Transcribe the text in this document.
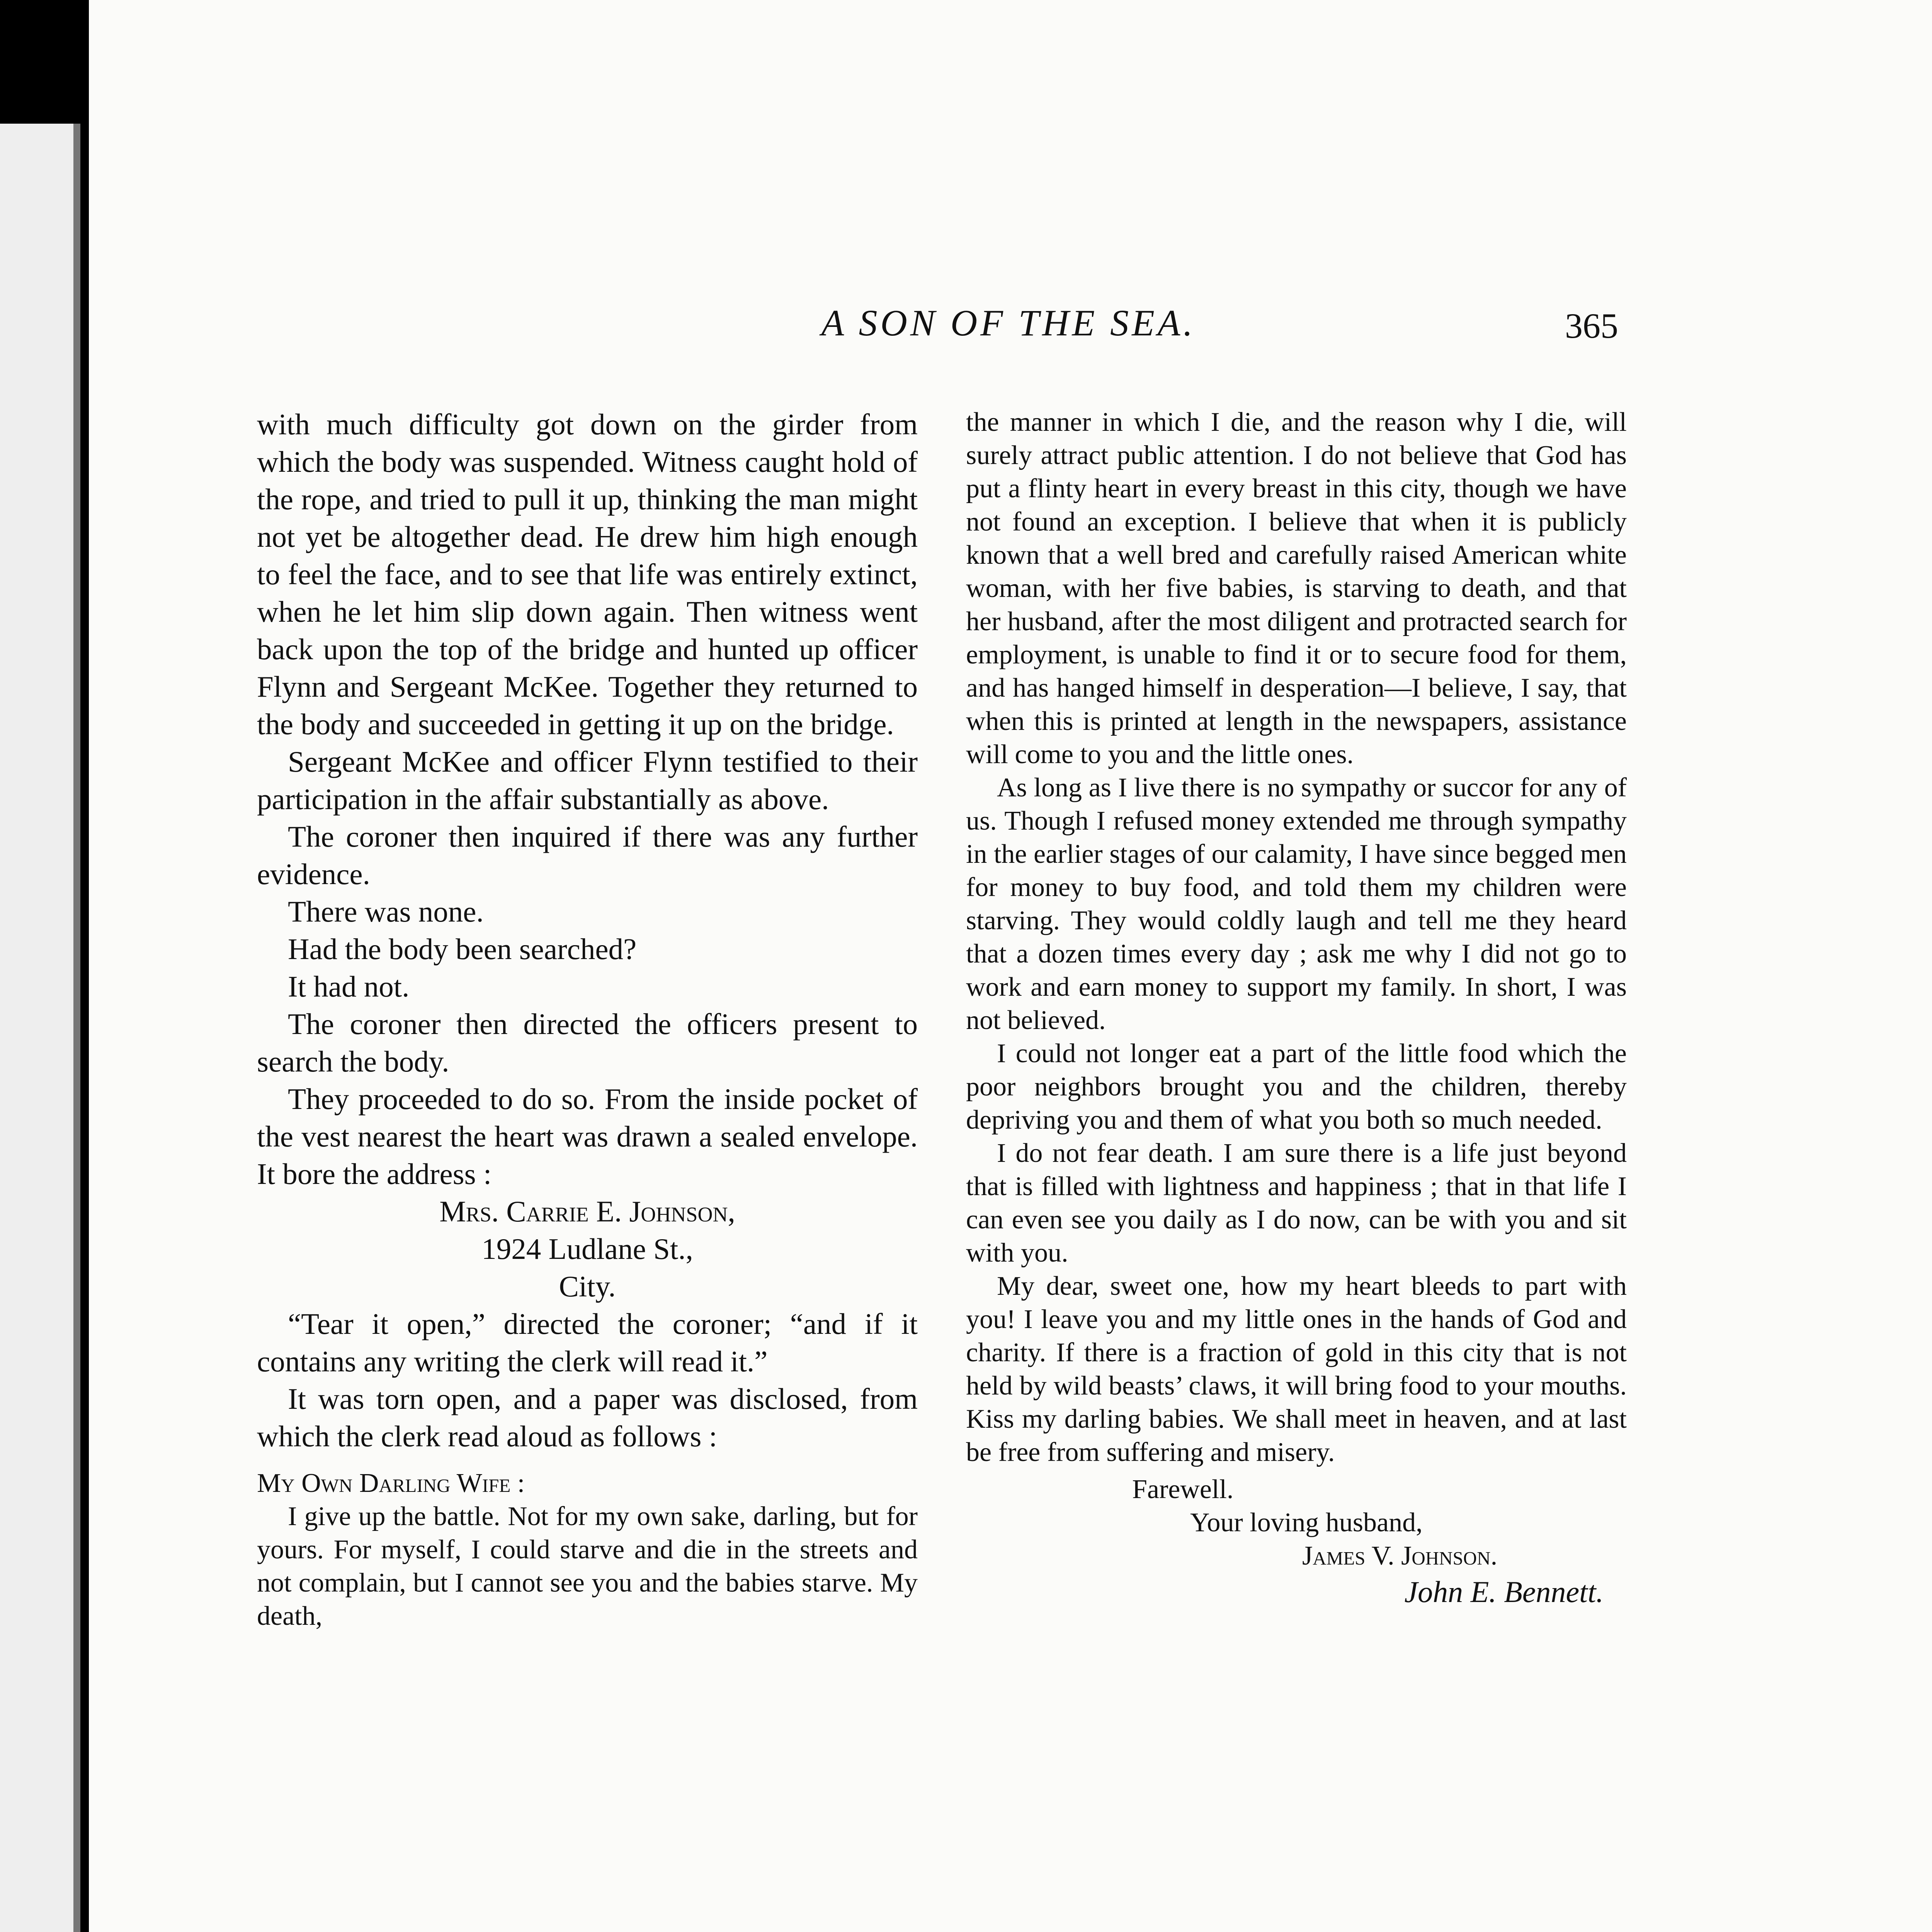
A SON OF THE SEA.	365

with much difficulty got down on the girder from which the body was suspended. Witness caught hold of the rope, and tried to pull it up, thinking the man might not yet be altogether dead. He drew him high enough to feel the face, and to see that life was entirely extinct, when he let him slip down again. Then witness went back upon the top of the bridge and hunted up officer Flynn and Sergeant McKee. Together they returned to the body and succeeded in getting it up on the bridge.

Sergeant McKee and officer Flynn testified to their participation in the affair substantially as above.

The coroner then inquired if there was any further evidence.

There was none.

Had the body been searched?

It had not.

The coroner then directed the officers present to search the body.

They proceeded to do so. From the inside pocket of the vest nearest the heart was drawn a sealed envelope. It bore the address :

Mrs. Carrie E. Johnson,

1924 Ludlane St.,

City.

“Tear it open,” directed the coroner; “and if it contains any writing the clerk will read it.”

It was torn open, and a paper was disclosed, from which the clerk read aloud as follows :

My Own Darling Wife :

I give up the battle. Not for my own sake, darling, but for yours. For myself, I could starve and die in the streets and not complain, but I cannot see you and the babies starve. My death,

the manner in which I die, and the reason why I die, will surely attract public attention. I do not believe that God has put a flinty heart in every breast in this city, though we have not found an exception. I believe that when it is publicly known that a well bred and carefully raised American white woman, with her five babies, is starving to death, and that her husband, after the most diligent and protracted search for employment, is unable to find it or to secure food for them, and has hanged himself in desperation—I believe, I say, that when this is printed at length in the newspapers, assistance will come to you and the little ones.

As long as I live there is no sympathy or succor for any of us. Though I refused money extended me through sympathy in the earlier stages of our calamity, I have since begged men for money to buy food, and told them my children were starving. They would coldly laugh and tell me they heard that a dozen times every day ; ask me why I did not go to work and earn money to support my family. In short, I was not believed.

I could not longer eat a part of the little food which the poor neighbors brought you and the children, thereby depriving you and them of what you both so much needed.

I do not fear death. I am sure there is a life just beyond that is filled with lightness and happiness ; that in that life I can even see you daily as I do now, can be with you and sit with you.

My dear, sweet one, how my heart bleeds to part with you! I leave you and my little ones in the hands of God and charity. If there is a fraction of gold in this city that is not held by wild beasts’ claws, it will bring food to your mouths. Kiss my darling babies. We shall meet in heaven, and at last be free from suffering and misery.

Farewell.

Your loving husband,

James V. Johnson.

John E. Bennett.
